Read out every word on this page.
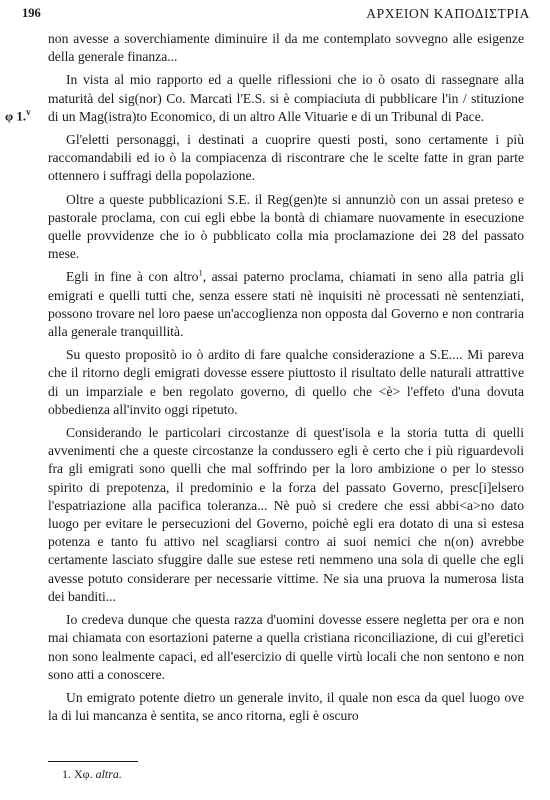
196	ΑΡΧΕΙΟΝ ΚΑΠΟΔΙΣΤΡΙΑ
φ 1.$^v$

non avesse a soverchiamente diminuire il da me contemplato sovvegno alle esigenze della generale finanza...

In vista al mio rapporto ed a quelle riflessioni che io ò osato di rassegnare alla maturità del sig(nor) Co. Marcati l'E.S. si è compiaciuta di pubblicare l'in / stituzione di un Mag(istra)to Economico, di un altro Alle Vituarie e di un Tribunal di Pace.

Gl'eletti personaggi, i destinati a cuoprire questi posti, sono certamente i più raccomandabili ed io ò la compiacenza di riscontrare che le scelte fatte in gran parte ottennero i suffragi della popolazione.

Oltre a queste pubblicazioni S.E. il Reg(gen)te si annunziò con un assai preteso e pastorale proclama, con cui egli ebbe la bontà di chiamare nuovamente in esecuzione quelle provvidenze che io ò pubblicato colla mia proclamazione dei 28 del passato mese.

Egli in fine à con altro$^1$, assai paterno proclama, chiamati in seno alla patria gli emigrati e quelli tutti che, senza essere stati nè inquisiti nè processati nè sentenziati, possono trovare nel loro paese un'accoglienza non opposta dal Governo e non contraria alla generale tranquillità.

Su questo propositò io ò ardito di fare qualche considerazione a S.E.... Mi pareva che il ritorno degli emigrati dovesse essere piuttosto il risultato delle naturali attrattive di un imparziale e ben regolato governo, di quello che <è> l'effeto d'una dovuta obbedienza all'invito oggi ripetuto.

Considerando le particolari circostanze di quest'isola e la storia tutta di quelli avvenimenti che a queste circostanze la condussero egli è certo che i più riguardevoli fra gli emigrati sono quelli che mal soffrindo per la loro ambizione o per lo stesso spirito di prepotenza, il predominio e la forza del passato Governo, presc[i]elsero l'espatriazione alla pacifica toleranza... Nè può si credere che essi abbi<a>no dato luogo per evitare le persecuzioni del Governo, poichè egli era dotato di una sì estesa potenza e tanto fu attivo nel scagliarsi contro ai suoi nemici che n(on) avrebbe certamente lasciato sfuggire dalle sue estese reti nemmeno una sola di quelle che egli avesse potuto considerare per necessarie vittime. Ne sia una pruova la numerosa lista dei banditi...

Io credeva dunque che questa razza d'uomini dovesse essere negletta per ora e non mai chiamata con esortazioni paterne a quella cristiana riconciliazione, di cui gl'eretici non sono lealmente capaci, ed all'esercizio di quelle virtù locali che non sentono e non sono atti a conoscere.

Un emigrato potente dietro un generale invito, il quale non esca da quel luogo ove la di lui mancanza è sentita, se anco ritorna, egli è oscuro

1. Χφ. altra.
